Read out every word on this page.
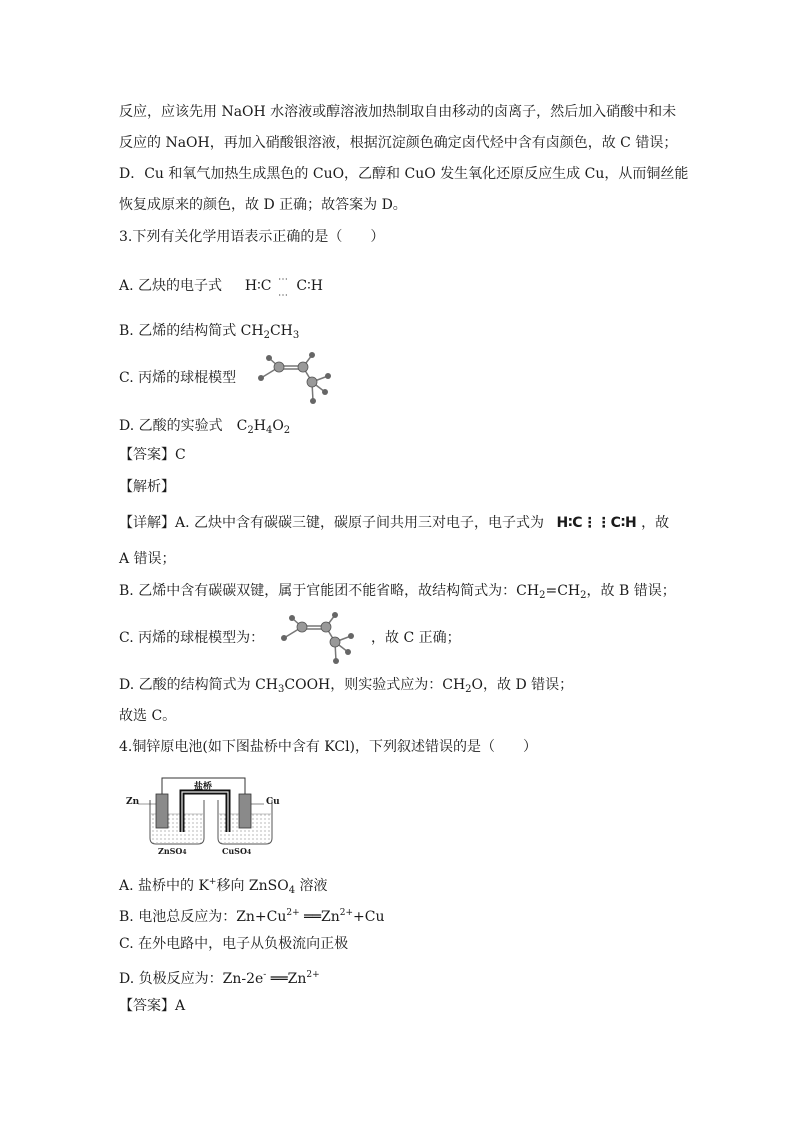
反应，应该先用 NaOH 水溶液或醇溶液加热制取自由移动的卤离子，然后加入硝酸中和未
反应的 NaOH，再加入硝酸银溶液，根据沉淀颜色确定卤代烃中含有卤颜色，故 C 错误；
D．Cu 和氧气加热生成黑色的 CuO，乙醇和 CuO 发生氧化还原反应生成 Cu，从而铜丝能
恢复成原来的颜色，故 D 正确；故答案为 D。
3.下列有关化学用语表示正确的是（　　）
A. 乙炔的电子式 H∶C ⋯
⋯
C∶H
B. 乙烯的结构简式 $CH_2CH_3$
C. 丙烯的球棍模型
D. 乙酸的实验式　$C_2H_4O_2$
【答案】C
【解析】
【详解】A. 乙炔中含有碳碳三键，碳原子间共用三对电子，电子式为 H∶C⋮⋮C∶H ，故
A 错误；
B. 乙烯中含有碳碳双键，属于官能团不能省略，故结构简式为：$CH_2=CH_2$，故 B 错误；
C. 丙烯的球棍模型为：	，故 C 正确；
D. 乙酸的结构简式为 $CH_3COOH$，则实验式应为：$CH_2O$，故 D 错误；
故选 C。
4.铜锌原电池(如下图盐桥中含有 KCl)，下列叙述错误的是（　　）
Zn	Cu
盐桥
ZnSO4	CuSO4
A. 盐桥中的 K+移向 ZnSO$_4$ 溶液
B. 电池总反应为：$Zn+Cu^{2+}$ $══Zn^{2+}+Cu$
C. 在外电路中，电子从负极流向正极
D. 负极反应为：Zn-2e- $══Zn^{2+}$
【答案】A
